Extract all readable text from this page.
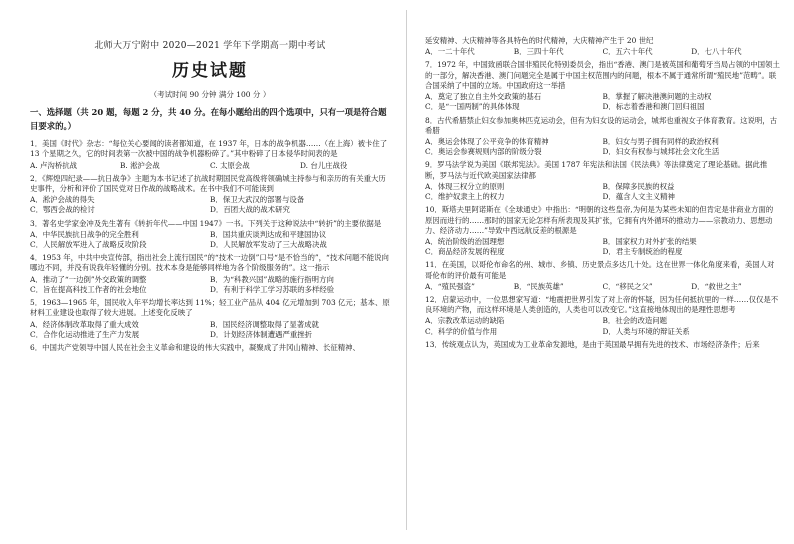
北师大万宁附中 2020—2021 学年下学期高一期中考试
历史试题
（考试时间 90 分钟 满分 100 分 ）
一、选择题（共 20 题，每题 2 分，共 40 分。在每小题给出的四个选项中，只有一项是符合题目要求的。）

1．美国《时代》杂志：“每位关心要闻的读者都知道，在 1937 年，日本的战争机器……（在上海）被卡住了 13 个星期之久，它的时间表第一次被中国的战争机器粉碎了。”其中粉碎了日本侵华时间表的是

A. 卢沟桥抗战	B. 淞沪会战	C. 太原会战	D. 台儿庄战役

2．《辉煌四纪录——抗日战争》主题为本书记述了抗战时期国民党高级将领确城主持参与和亲历的有关重大历史事件，分析和评价了国民党对日作战的战略战术。在书中我们不可能读到

A．淞沪会战的得失	B．保卫大武汉的部署与设备
C．鄂西会战的检讨	D．百团大战的战术研究

3．著名史学家金冲及先生著有《转折年代——中国 1947》一书。下列关于这种说法中“转折”的主要依据是

A．中华民族抗日战争的完全胜利	B．国共重庆谈判达成和平建国协议
C．人民解放军进入了战略反攻阶段	D．人民解放军发动了三大战略决战

4．1953 年，中共中央宣传部，指出社会上流行国民“的“技术一边倒”口号“是不恰当的”，“技术问题不能说向哪边不同，并没有说我年轻懂的分别。技术本身是能够同样地为各个阶级服务的”。这一指示

A．推动了“一边倒”外交政策的调整	B．为“科教兴国”战略的施行指明方向
C．旨在提高科技工作者的社会地位	D．有利于科学工学习苏联的多样经验

5．1963—1965 年，国民收入年平均增长率达到 11%；轻工业产品从 404 亿元增加到 703 亿元；基本、原材料工业建设也取得了较大进展。上述变化反映了

A．经济体制改革取得了重大成效	B．国民经济调整取得了显著成就
C．合作化运动推进了生产力发展	D．计划经济体制遭遇严重挫折

6．中国共产党领导中国人民在社会主义革命和建设的伟大实践中，凝聚成了井冈山精神、长征精神、

延安精神、大庆精神等各具特色的时代精神，大庆精神产生于 20 世纪

A．一二十年代	B．三四十年代	C．五六十年代	D．七八十年代

7．1972 年，中国致函联合国非殖民化特别委员会，指出“香港、澳门是被英国和葡萄牙当局占领的中国领土的一部分，解决香港、澳门问题完全是属于中国主权范围内的问题，根本不属于通常所谓“殖民地”范畴”。联合国采纳了中国的立场。中国政府这一举措

A．奠定了独立自主外交政策的基石	B．掌握了解决港澳问题的主动权
C．是“一国两制”的具体体现	D．标志着香港和澳门回归祖国

8．古代希腊禁止妇女参加奥林匹克运动会，但有为妇女设的运动会，城邦也重视女子体育教育。这说明，古希腊

A．奥运会体现了公平竞争的体育精神	B．妇女与男子拥有同样的政治权利
C．奥运会参赛规则内部的阶级分裂	D．妇女有权参与城邦社会文化生活

9．罗马法学说为美国《联邦宪法》。美国 1787 年宪法和法国《民法典》等法律奠定了理论基础。据此推断，罗马法与近代欧美国家法律都

A．体现三权分立的原则	B．保障多民族的权益
C．维护奴隶主上的权力	D．蕴含人文主义精神

10．斯塔夫里阿诺斯在《全球通史》中指出：“明朝的这些皇帝,为何是为某些未知的但肯定是非商业方面的原因而进行的……那时的国家无论怎样有所表现及其扩张，它拥有内外循环的推动力——宗教动力、思想动力、经济动力……”导致中西远航反差的根源是

A．统治阶级的治国理想	B．国家权力对外扩张的结果
C．商品经济发展的程度	D．君主专制统治的程度

11．在美国，以哥伦布命名的州、城市、乡镇、历史景点多达几十处。这在世界一体化角度来看，美国人对哥伦布的评价最有可能是

A．“殖民强盗”	B．“民族英雄”	C．“移民之父”	D．“救世之主”

12．启蒙运动中，一位思想家写道：“地震把世界引发了对上帝的怀疑，因为任何抵抗里的一样……仅仅是不良环境的产物，而这样环境是人类创造的，人类也可以改变它。”这直接地体现出的是理性思想考

A．宗教改革运动的缺陷	B．社会的改造问题
C．科学的价值与作用	D．人类与环境的辩证关系

13．传统观点认为，英国成为工业革命发源地，是由于英国最早拥有先进的技术、市场经济条件；后来
